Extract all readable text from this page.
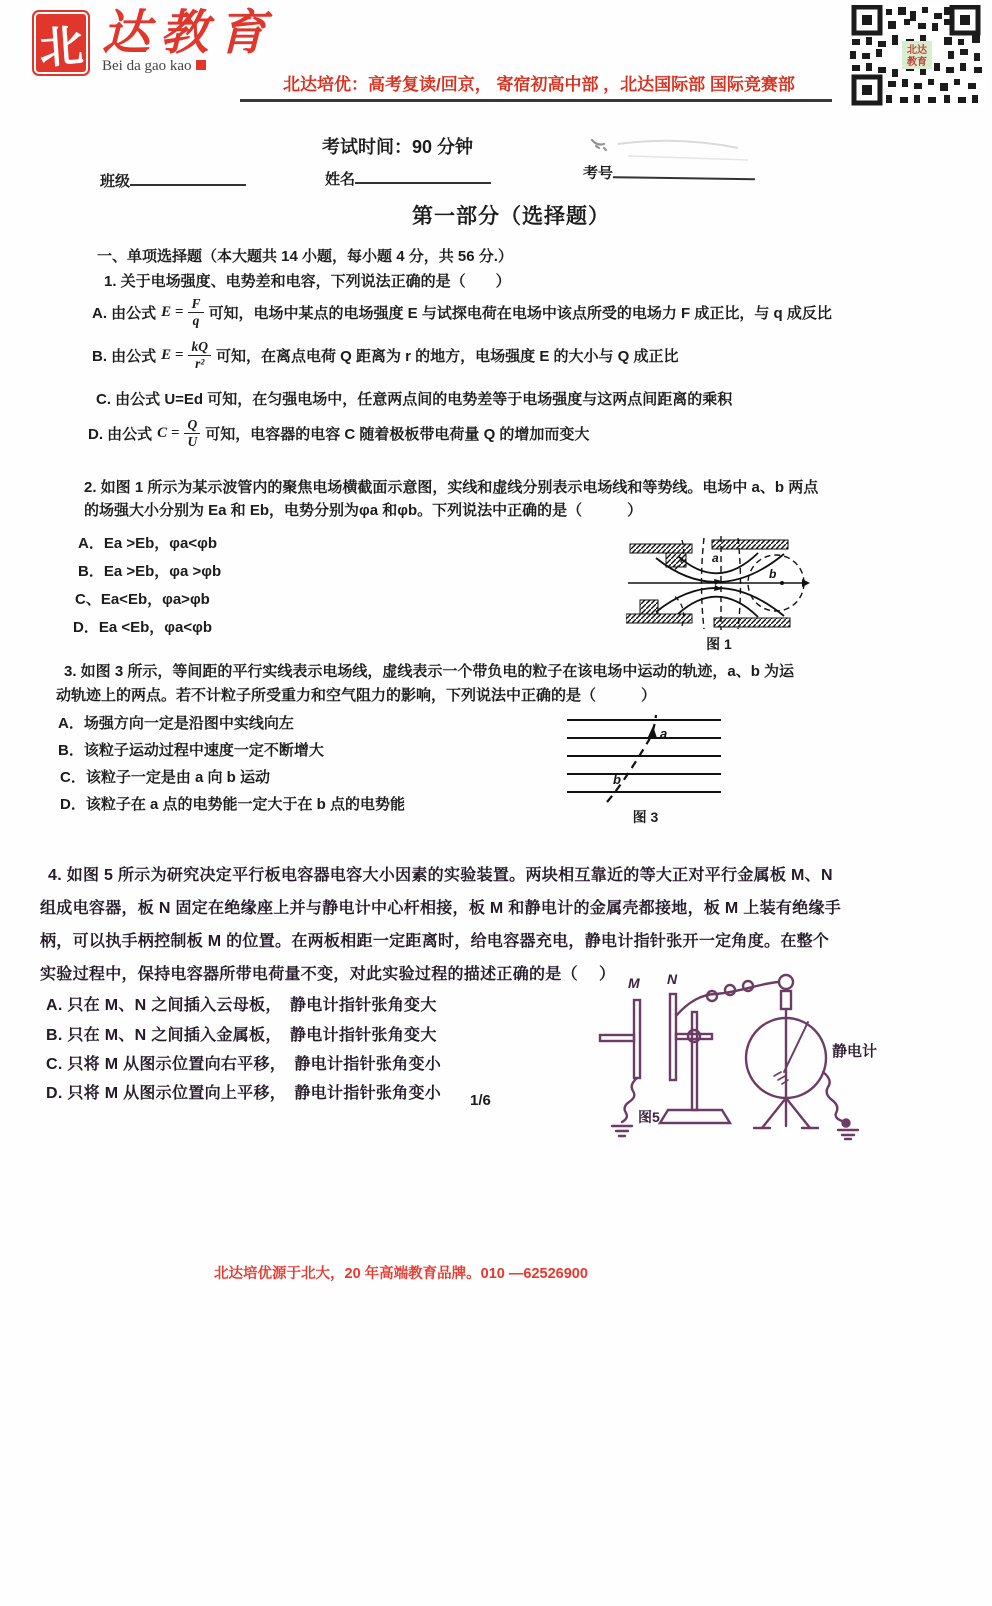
北 达教育
Bei da gao kao
北达培优：高考复读/回京， 寄宿初高中部 ，北达国际部 国际竞赛部
北达
教育
考试时间：90 分钟
班级	姓名	考号
第一部分（选择题）
一、单项选择题（本大题共 14 小题，每小题 4 分，共 56 分.）
1. 关于电场强度、电势差和电容，下列说法正确的是（　　）
A. 由公式 $E = \frac{F}{q}$ 可知，电场中某点的电场强度 E 与试探电荷在电场中该点所受的电场力 F 成正比，与 q 成反比
B. 由公式 $E = \frac{kQ}{\text{r²}}$ 可知，在离点电荷 Q 距离为 r 的地方，电场强度 E 的大小与 Q 成正比
C. 由公式 U=Ed 可知，在匀强电场中，任意两点间的电势差等于电场强度与这两点间距离的乘积
D. 由公式 $C = \frac{Q}{U}$ 可知，电容器的电容 C 随着极板带电荷量 Q 的增加而变大
2. 如图 1 所示为某示波管内的聚焦电场横截面示意图，实线和虚线分别表示电场线和等势线。电场中 a、b 两点
的场强大小分别为 Ea 和 Eb，电势分别为φa 和φb。下列说法中正确的是（　　　）
A．Ea >Eb，φa<φb
B．Ea >Eb，φa >φb
C、Ea<Eb，φa>φb
D．Ea <Eb，φa<φb
a
b
图 1
3. 如图 3 所示，等间距的平行实线表示电场线，虚线表示一个带负电的粒子在该电场中运动的轨迹，a、b 为运
动轨迹上的两点。若不计粒子所受重力和空气阻力的影响，下列说法中正确的是（　　　）
A．场强方向一定是沿图中实线向左
B．该粒子运动过程中速度一定不断增大
C．该粒子一定是由 a 向 b 运动
D．该粒子在 a 点的电势能一定大于在 b 点的电势能
a
b
图 3
4. 如图 5 所示为研究决定平行板电容器电容大小因素的实验装置。两块相互靠近的等大正对平行金属板 M、N
组成电容器，板 N 固定在绝缘座上并与静电计中心杆相接，板 M 和静电计的金属壳都接地，板 M 上装有绝缘手
柄，可以执手柄控制板 M 的位置。在两板相距一定距离时，给电容器充电，静电计指针张开一定角度。在整个
实验过程中，保持电容器所带电荷量不变，对此实验过程的描述正确的是（　 ）
A. 只在 M、N 之间插入云母板，　静电计指针张角变大
B. 只在 M、N 之间插入金属板，　静电计指针张角变大
C. 只将 M 从图示位置向右平移，　静电计指针张角变小
D. 只将 M 从图示位置向上平移，　静电计指针张角变小
M N
静电计
图5
1/6
北达培优源于北大，20 年高端教育品牌。010 —62526900
